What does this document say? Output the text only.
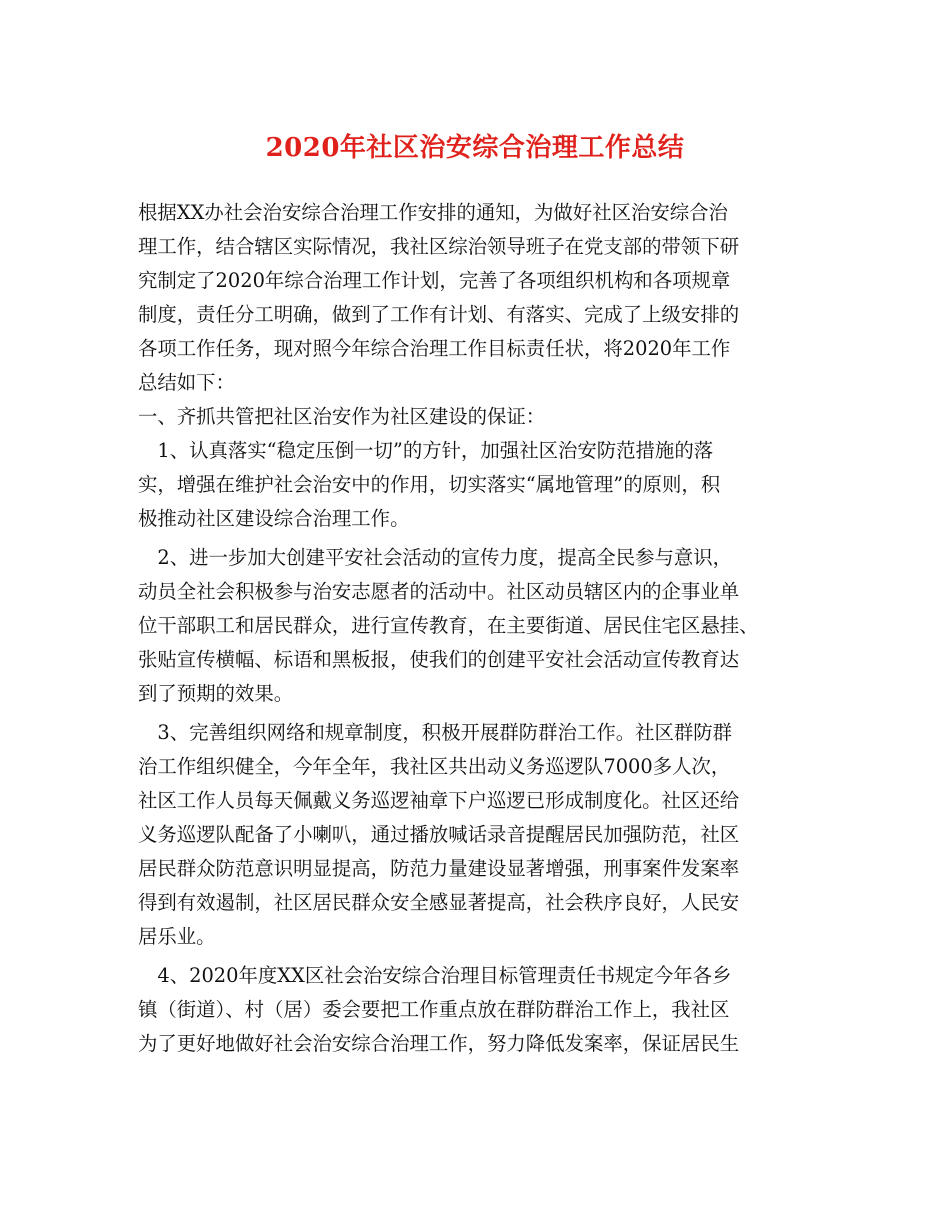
2020年社区治安综合治理工作总结
根据XX办社会治安综合治理工作安排的通知，为做好社区治安综合治
理工作，结合辖区实际情况，我社区综治领导班子在党支部的带领下研
究制定了2020年综合治理工作计划，完善了各项组织机构和各项规章
制度，责任分工明确，做到了工作有计划、有落实、完成了上级安排的
各项工作任务，现对照今年综合治理工作目标责任状，将2020年工作
总结如下：
一、齐抓共管把社区治安作为社区建设的保证：
　1、认真落实“稳定压倒一切”的方针，加强社区治安防范措施的落
实，增强在维护社会治安中的作用，切实落实“属地管理”的原则，积
极推动社区建设综合治理工作。
　2、进一步加大创建平安社会活动的宣传力度，提高全民参与意识，
动员全社会积极参与治安志愿者的活动中。社区动员辖区内的企事业单
位干部职工和居民群众，进行宣传教育，在主要街道、居民住宅区悬挂、
张贴宣传横幅、标语和黑板报，使我们的创建平安社会活动宣传教育达
到了预期的效果。
　3、完善组织网络和规章制度，积极开展群防群治工作。社区群防群
治工作组织健全，今年全年，我社区共出动义务巡逻队7000多人次，
社区工作人员每天佩戴义务巡逻袖章下户巡逻已形成制度化。社区还给
义务巡逻队配备了小喇叭，通过播放喊话录音提醒居民加强防范，社区
居民群众防范意识明显提高，防范力量建设显著增强，刑事案件发案率
得到有效遏制，社区居民群众安全感显著提高，社会秩序良好，人民安
居乐业。
　4、2020年度XX区社会治安综合治理目标管理责任书规定今年各乡
镇（街道）、村（居）委会要把工作重点放在群防群治工作上，我社区
为了更好地做好社会治安综合治理工作，努力降低发案率，保证居民生
